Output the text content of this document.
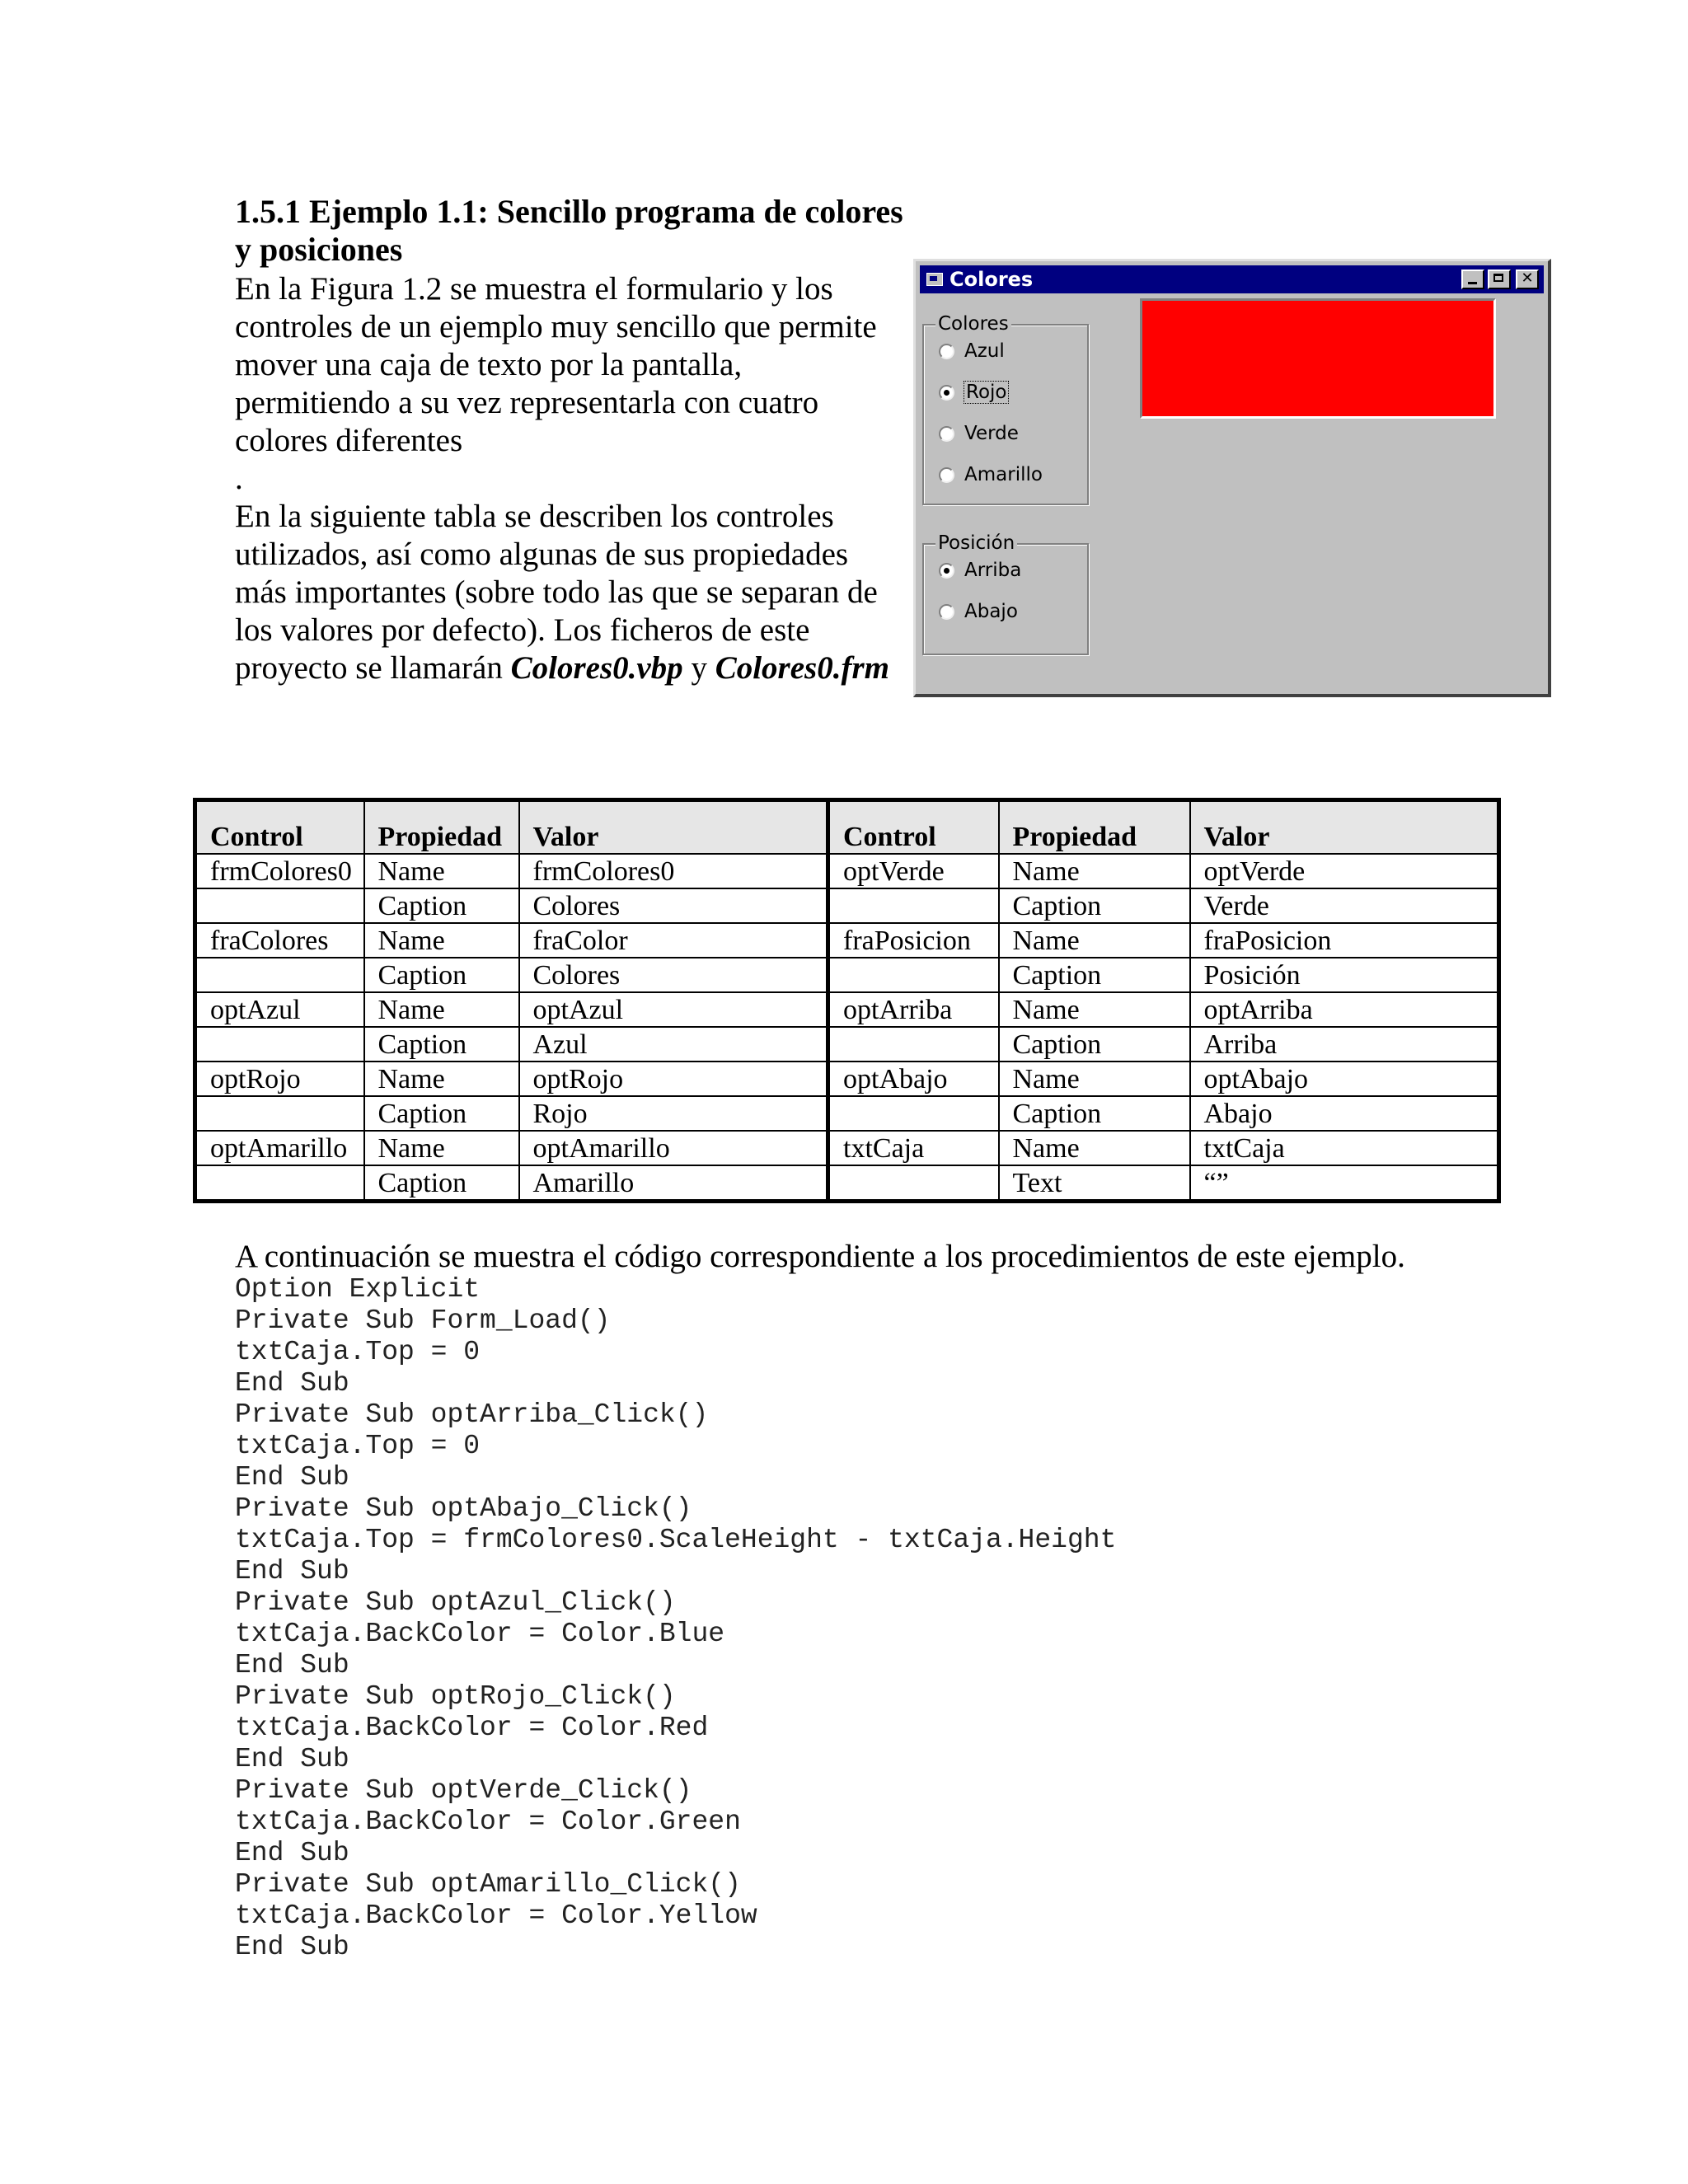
1.5.1 Ejemplo 1.1: Sencillo programa de colores
y posiciones

En la Figura 1.2 se muestra el formulario y los controles de un ejemplo muy sencillo que permite mover una caja de texto por la pantalla, permitiendo a su vez representarla con cuatro colores diferentes

.

En la siguiente tabla se describen los controles utilizados, así como algunas de sus propiedades más importantes (sobre todo las que se separan de los valores por defecto). Los ficheros de este proyecto se llamarán Colores0.vbp y Colores0.frm

Colores	✕
Colores
Azul
Rojo
Verde
Amarillo
Posición
Arriba
Abajo
Control	Propiedad	Valor	Control	Propiedad	Valor
frmColores0	Name	frmColores0	optVerde	Name	optVerde
	Caption	Colores		Caption	Verde
fraColores	Name	fraColor	fraPosicion	Name	fraPosicion
	Caption	Colores		Caption	Posición
optAzul	Name	optAzul	optArriba	Name	optArriba
	Caption	Azul		Caption	Arriba
optRojo	Name	optRojo	optAbajo	Name	optAbajo
	Caption	Rojo		Caption	Abajo
optAmarillo	Name	optAmarillo	txtCaja	Name	txtCaja
	Caption	Amarillo		Text	“”
A continuación se muestra el código correspondiente a los procedimientos de este ejemplo.
Option Explicit
Private Sub Form_Load()
txtCaja.Top = 0
End Sub
Private Sub optArriba_Click()
txtCaja.Top = 0
End Sub
Private Sub optAbajo_Click()
txtCaja.Top = frmColores0.ScaleHeight - txtCaja.Height
End Sub
Private Sub optAzul_Click()
txtCaja.BackColor = Color.Blue
End Sub
Private Sub optRojo_Click()
txtCaja.BackColor = Color.Red
End Sub
Private Sub optVerde_Click()
txtCaja.BackColor = Color.Green
End Sub
Private Sub optAmarillo_Click()
txtCaja.BackColor = Color.Yellow
End Sub
